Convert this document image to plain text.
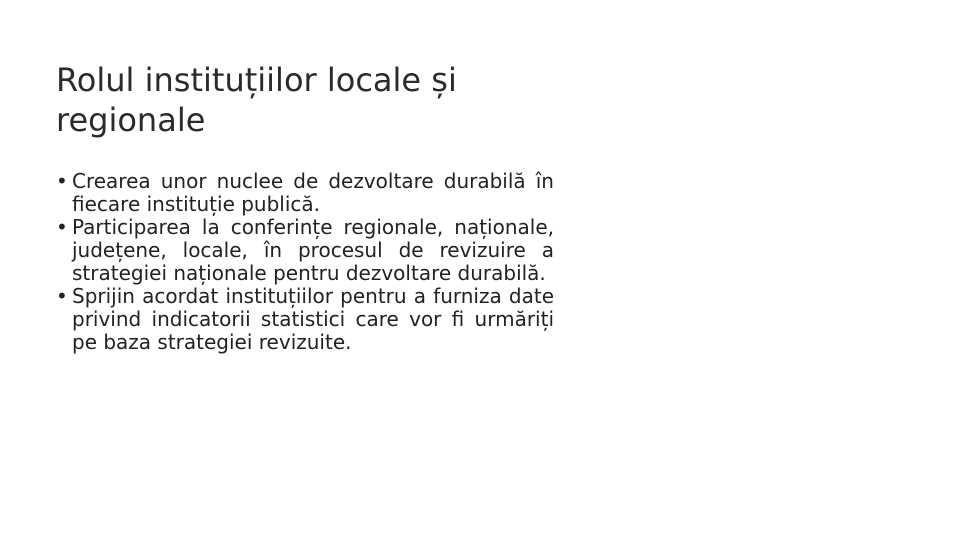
Rolul instituțiilor locale și regionale
• Crearea unor nuclee de dezvoltare durabilă în fiecare instituție publică.
• Participarea la conferințe regionale, naționale, județene, locale, în procesul de revizuire a strategiei naționale pentru dezvoltare durabilă.
• Sprijin acordat instituțiilor pentru a furniza date privind indicatorii statistici care vor fi urmăriți pe baza strategiei revizuite.
